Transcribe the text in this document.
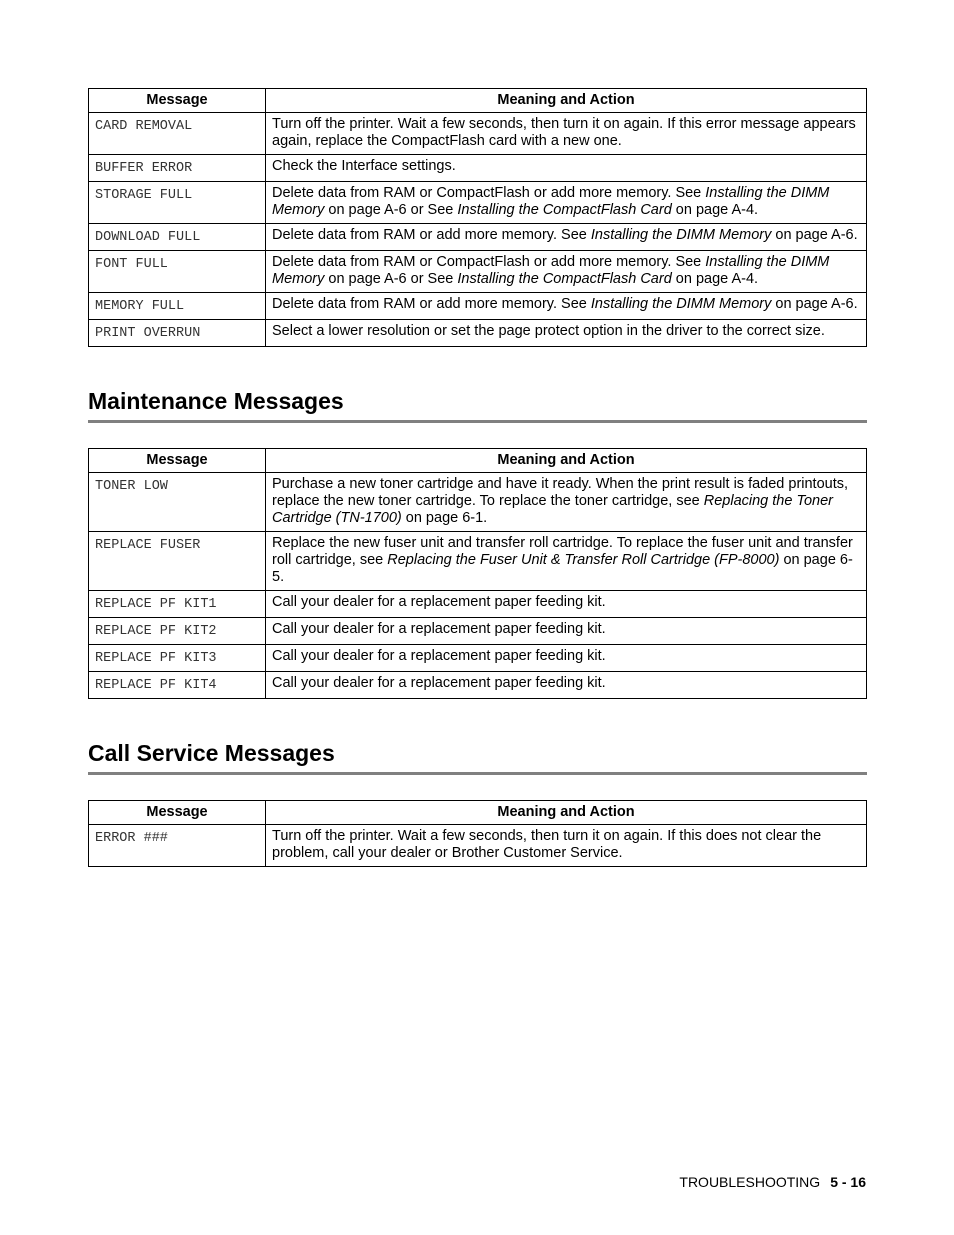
Message	Meaning and Action
CARD REMOVAL	Turn off the printer. Wait a few seconds, then turn it on again. If this error message appears again, replace the CompactFlash card with a new one.
BUFFER ERROR	Check the Interface settings.
STORAGE FULL	Delete data from RAM or CompactFlash or add more memory. See Installing the DIMM Memory on page A-6 or See Installing the CompactFlash Card on page A-4.
DOWNLOAD FULL	Delete data from RAM or add more memory. See Installing the DIMM Memory on page A-6.
FONT FULL	Delete data from RAM or CompactFlash or add more memory. See Installing the DIMM Memory on page A-6 or See Installing the CompactFlash Card on page A-4.
MEMORY FULL	Delete data from RAM or add more memory. See Installing the DIMM Memory on page A-6.
PRINT OVERRUN	Select a lower resolution or set the page protect option in the driver to the correct size.
Maintenance Messages
Message	Meaning and Action
TONER LOW	Purchase a new toner cartridge and have it ready. When the print result is faded printouts, replace the new toner cartridge. To replace the toner cartridge, see Replacing the Toner Cartridge (TN-1700) on page 6-1.
REPLACE FUSER	Replace the new fuser unit and transfer roll cartridge. To replace the fuser unit and transfer roll cartridge, see Replacing the Fuser Unit & Transfer Roll Cartridge (FP-8000) on page 6-5.
REPLACE PF KIT1	Call your dealer for a replacement paper feeding kit.
REPLACE PF KIT2	Call your dealer for a replacement paper feeding kit.
REPLACE PF KIT3	Call your dealer for a replacement paper feeding kit.
REPLACE PF KIT4	Call your dealer for a replacement paper feeding kit.
Call Service Messages
Message	Meaning and Action
ERROR ###	Turn off the printer. Wait a few seconds, then turn it on again. If this does not clear the problem, call your dealer or Brother Customer Service.
TROUBLESHOOTING 5 - 16
